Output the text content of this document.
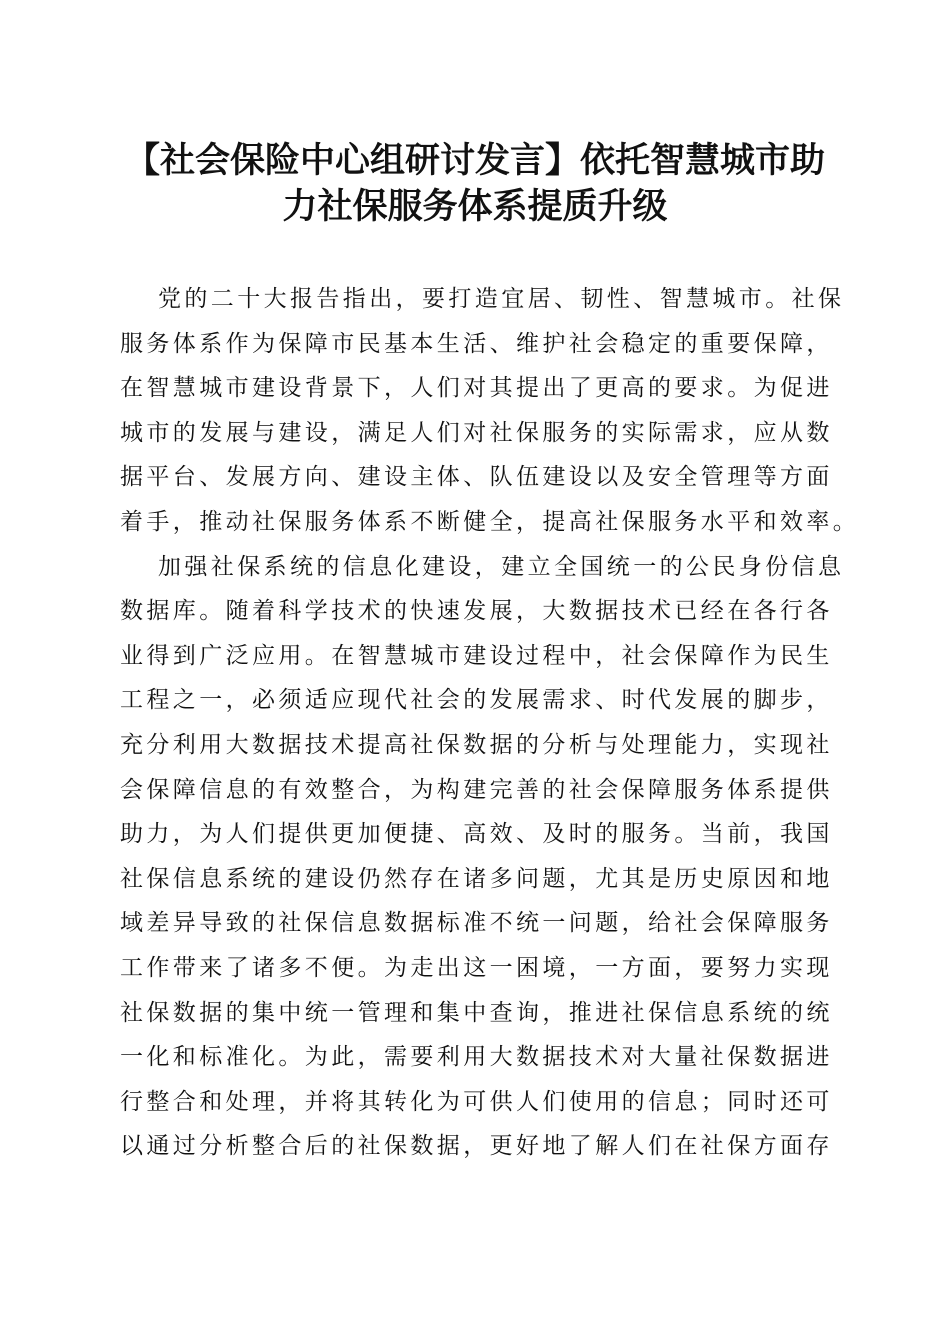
【社会保险中心组研讨发言】依托智慧城市助
力社保服务体系提质升级
党的二十大报告指出，要打造宜居、韧性、智慧城市。社保
服务体系作为保障市民基本生活、维护社会稳定的重要保障，
在智慧城市建设背景下，人们对其提出了更高的要求。为促进
城市的发展与建设，满足人们对社保服务的实际需求，应从数
据平台、发展方向、建设主体、队伍建设以及安全管理等方面
着手，推动社保服务体系不断健全，提高社保服务水平和效率。
加强社保系统的信息化建设，建立全国统一的公民身份信息
数据库。随着科学技术的快速发展，大数据技术已经在各行各
业得到广泛应用。在智慧城市建设过程中，社会保障作为民生
工程之一，必须适应现代社会的发展需求、时代发展的脚步，
充分利用大数据技术提高社保数据的分析与处理能力，实现社
会保障信息的有效整合，为构建完善的社会保障服务体系提供
助力，为人们提供更加便捷、高效、及时的服务。当前，我国
社保信息系统的建设仍然存在诸多问题，尤其是历史原因和地
域差异导致的社保信息数据标准不统一问题，给社会保障服务
工作带来了诸多不便。为走出这一困境，一方面，要努力实现
社保数据的集中统一管理和集中查询，推进社保信息系统的统
一化和标准化。为此，需要利用大数据技术对大量社保数据进
行整合和处理，并将其转化为可供人们使用的信息；同时还可
以通过分析整合后的社保数据，更好地了解人们在社保方面存
